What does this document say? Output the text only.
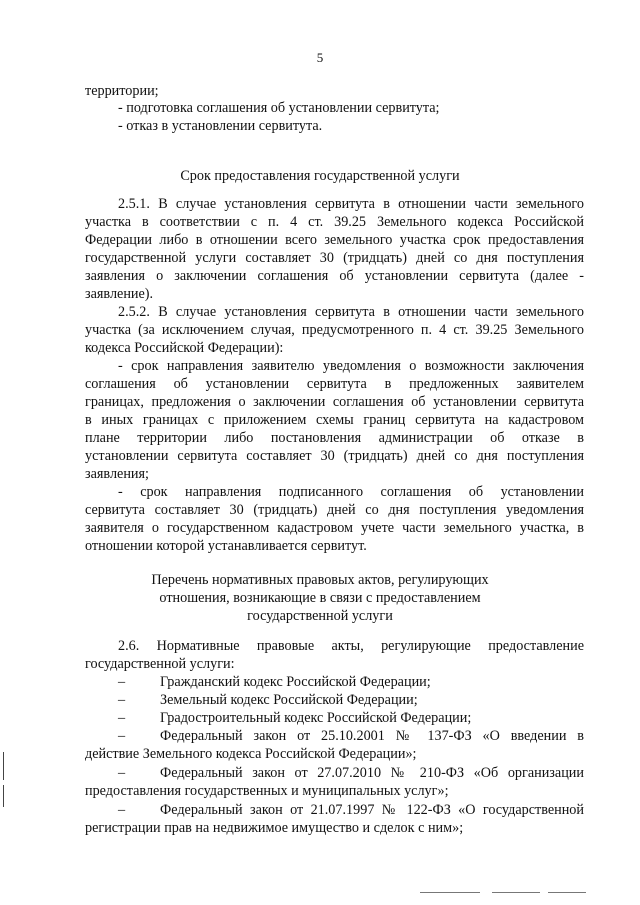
5
территории;
- подготовка соглашения об установлении сервитута;
- отказ в установлении сервитута.
Срок предоставления государственной услуги
2.5.1. В случае установления сервитута в отношении части земельного
участка в соответствии с п. 4 ст. 39.25 Земельного кодекса Российской
Федерации либо в отношении всего земельного участка срок предоставления
государственной услуги составляет 30 (тридцать) дней со дня поступления
заявления о заключении соглашения об установлении сервитута (далее -
заявление).
2.5.2. В случае установления сервитута в отношении части земельного
участка (за исключением случая, предусмотренного п. 4 ст. 39.25 Земельного
кодекса Российской Федерации):
- срок направления заявителю уведомления о возможности заключения
соглашения об установлении сервитута в предложенных заявителем
границах, предложения о заключении соглашения об установлении сервитута
в иных границах с приложением схемы границ сервитута на кадастровом
плане территории либо постановления администрации об отказе в
установлении сервитута составляет 30 (тридцать) дней со дня поступления
заявления;
- срок направления подписанного соглашения об установлении
сервитута составляет 30 (тридцать) дней со дня поступления уведомления
заявителя о государственном кадастровом учете части земельного участка, в
отношении которой устанавливается сервитут.
Перечень нормативных правовых актов, регулирующих
отношения, возникающие в связи с предоставлением
государственной услуги
2.6. Нормативные правовые акты, регулирующие предоставление
государственной услуги:
– Гражданский кодекс Российской Федерации;
– Земельный кодекс Российской Федерации;
– Градостроительный кодекс Российской Федерации;
– Федеральный закон от 25.10.2001 № 137-ФЗ «О введении в
действие Земельного кодекса Российской Федерации»;
– Федеральный закон от 27.07.2010 № 210-ФЗ «Об организации
предоставления государственных и муниципальных услуг»;
– Федеральный закон от 21.07.1997 № 122-ФЗ «О государственной
регистрации прав на недвижимое имущество и сделок с ним»;
